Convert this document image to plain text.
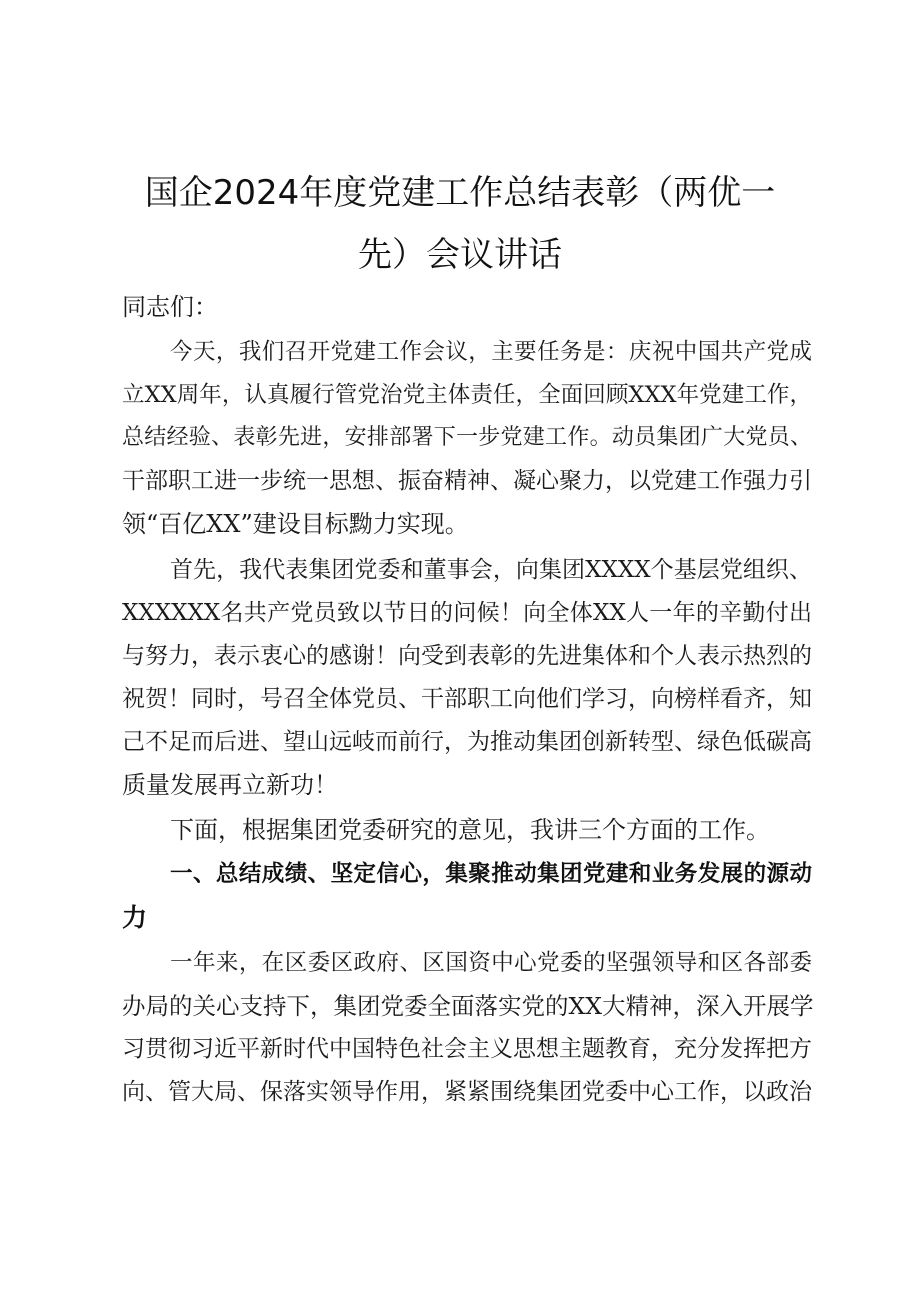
国企2024年度党建工作总结表彰（两优一
先）会议讲话

同志们：

今天，我们召开党建工作会议，主要任务是：庆祝中国共产党成

立XX周年，认真履行管党治党主体责任，全面回顾XXX年党建工作，

总结经验、表彰先进，安排部署下一步党建工作。动员集团广大党员、

干部职工进一步统一思想、振奋精神、凝心聚力，以党建工作强力引

领“百亿XX”建设目标黝力实现。

首先，我代表集团党委和董事会，向集团XXXX个基层党组织、

XXXXXX名共产党员致以节日的问候！向全体XX人一年的辛勤付出

与努力，表示衷心的感谢！向受到表彰的先进集体和个人表示热烈的

祝贺！同时，号召全体党员、干部职工向他们学习，向榜样看齐，知

己不足而后进、望山远岐而前行，为推动集团创新转型、绿色低碳高

质量发展再立新功！

下面，根据集团党委研究的意见，我讲三个方面的工作。

一、总结成绩、坚定信心，集聚推动集团党建和业务发展的源动
力

一年来，在区委区政府、区国资中心党委的坚强领导和区各部委

办局的关心支持下，集团党委全面落实党的XX大精神，深入开展学

习贯彻习近平新时代中国特色社会主义思想主题教育，充分发挥把方

向、管大局、保落实领导作用，紧紧围绕集团党委中心工作，以政治
